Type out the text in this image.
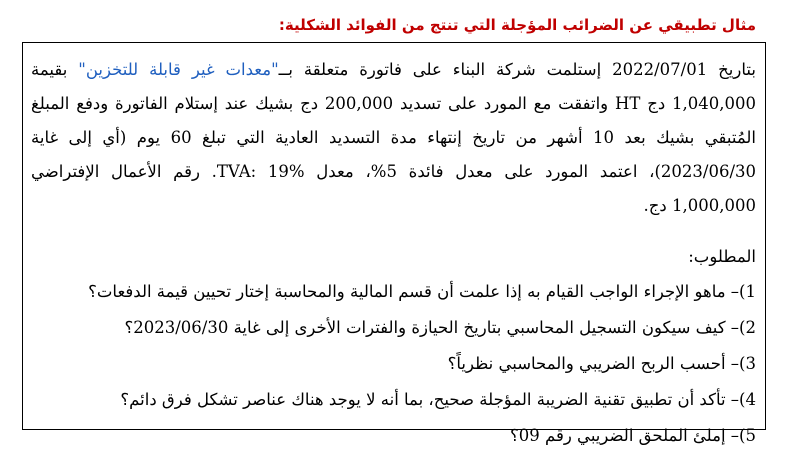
مثال تطبيقي عن الضرائب المؤجلة التي تنتج من الفوائد الشكلية:

بتاريخ 2022/07/01 إستلمت شركة البناء على فاتورة متعلقة بــ"معدات غير قابلة للتخزين" بقيمة 1,040,000 دج HT واتفقت مع المورد على تسديد 200,000 دج بشيك عند إستلام الفاتورة ودفع المبلغ المُتبقي بشيك بعد 10 أشهر من تاريخ إنتهاء مدة التسديد العادية التي تبلغ 60 يوم (أي إلى غاية 2023/06/30)، اعتمد المورد على معدل فائدة 5%، معدل TVA: 19%. رقم الأعمال الإفتراضي 1,000,000 دج.

المطلوب:
1)– ماهو الإجراء الواجب القيام به إذا علمت أن قسم المالية والمحاسبة إختار تحيين قيمة الدفعات؟
2)– كيف سيكون التسجيل المحاسبي بتاريخ الحيازة والفترات الأخرى إلى غاية 2023/06/30؟
3)– أحسب الربح الضريبي والمحاسبي نظرياً؟
4)– تأكد أن تطبيق تقنية الضريبة المؤجلة صحيح، بما أنه لا يوجد هناك عناصر تشكل فرق دائم؟
5)– إملئ الملحق الضريبي رقم 09؟
